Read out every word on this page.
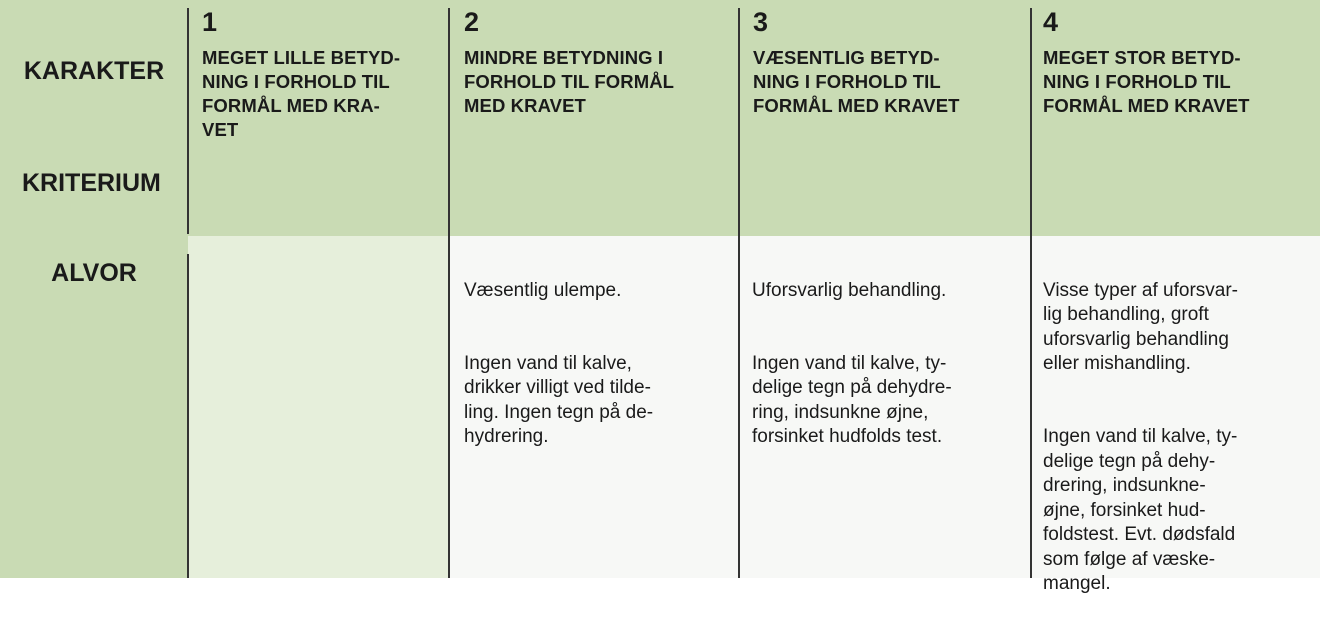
KARAKTER
KRITERIUM
ALVOR
1
MEGET LILLE BETYD-
NING I FORHOLD TIL
FORMÅL MED KRA-
VET
2
MINDRE BETYDNING I
FORHOLD TIL FORMÅL
MED KRAVET
3
VÆSENTLIG BETYD-
NING I FORHOLD TIL
FORMÅL MED KRAVET
4
MEGET STOR BETYD-
NING I FORHOLD TIL
FORMÅL MED KRAVET

Væsentlig ulempe.

Ingen vand til kalve,
drikker villigt ved tilde-
ling. Ingen tegn på de-
hydrering.

Uforsvarlig behandling.

Ingen vand til kalve, ty-
delige tegn på dehydre-
ring, indsunkne øjne,
forsinket hudfolds test.

Visse typer af uforsvar-
lig behandling, groft
uforsvarlig behandling
eller mishandling.

Ingen vand til kalve, ty-
delige tegn på dehy-
drering, indsunkne-
øjne, forsinket hud-
foldstest. Evt. dødsfald
som følge af væske-
mangel.
